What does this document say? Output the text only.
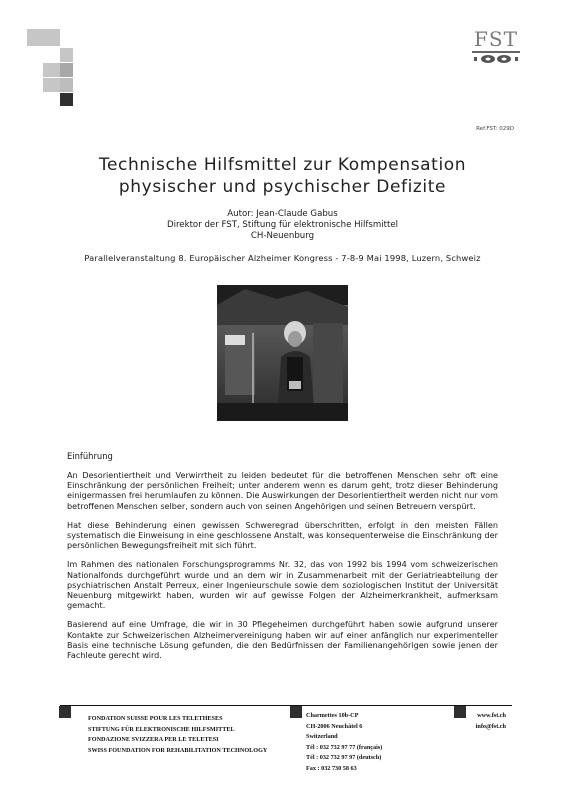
FST
Ref.FST: 029D
Technische Hilfsmittel zur Kompensation
physischer und psychischer Defizite
Autor: Jean-Claude Gabus
Direktor der FST, Stiftung für elektronische Hilfsmittel
CH-Neuenburg
Parallelveranstaltung 8. Europäischer Alzheimer Kongress - 7-8-9 Mai 1998, Luzern, Schweiz
Einführung

An Desorientiertheit und Verwirrtheit zu leiden bedeutet für die betroffenen Menschen sehr oft eine Einschränkung der persönlichen Freiheit; unter anderem wenn es darum geht, trotz dieser Behinderung einigermassen frei herumlaufen zu können. Die Auswirkungen der Desorientiertheit werden nicht nur vom betroffenen Menschen selber, sondern auch von seinen Angehörigen und seinen Betreuern verspürt.

Hat diese Behinderung einen gewissen Schweregrad überschritten, erfolgt in den meisten Fällen systematisch die Einweisung in eine geschlossene Anstalt, was konsequenterweise die Einschränkung der persönlichen Bewegungsfreiheit mit sich führt.

Im Rahmen des nationalen Forschungsprogramms Nr. 32, das von 1992 bis 1994 vom schweizerischen Nationalfonds durchgeführt wurde und an dem wir in Zusammenarbeit mit der Geriatrieabteilung der psychiatrischen Anstalt Perreux, einer Ingenieurschule sowie dem soziologischen Institut der Universität Neuenburg mitgewirkt haben, wurden wir auf gewisse Folgen der Alzheimerkrankheit, aufmerksam gemacht.

Basierend auf eine Umfrage, die wir in 30 Pflegeheimen durchgeführt haben sowie aufgrund unserer Kontakte zur Schweizerischen Alzheimervereinigung haben wir auf einer anfänglich nur experimenteller Basis eine technische Lösung gefunden, die den Bedürfnissen der Familienangehörigen sowie jenen der Fachleute gerecht wird.

FONDATION SUISSE POUR LES TELETHESES
STIFTUNG FÜR ELEKTRONISCHE HILFSMITTEL
FONDAZIONE SVIZZERA PER LE TELETESI
SWISS FOUNDATION FOR REHABILITATION TECHNOLOGY
Charmettes 10b-CP
CH-2006 Neuchâtel 6
Switzerland
Tél : 032 732 97 77 (français)
Tél : 032 732 97 97 (deutsch)
Fax : 032 730 58 63
www.fst.ch
info@fst.ch
